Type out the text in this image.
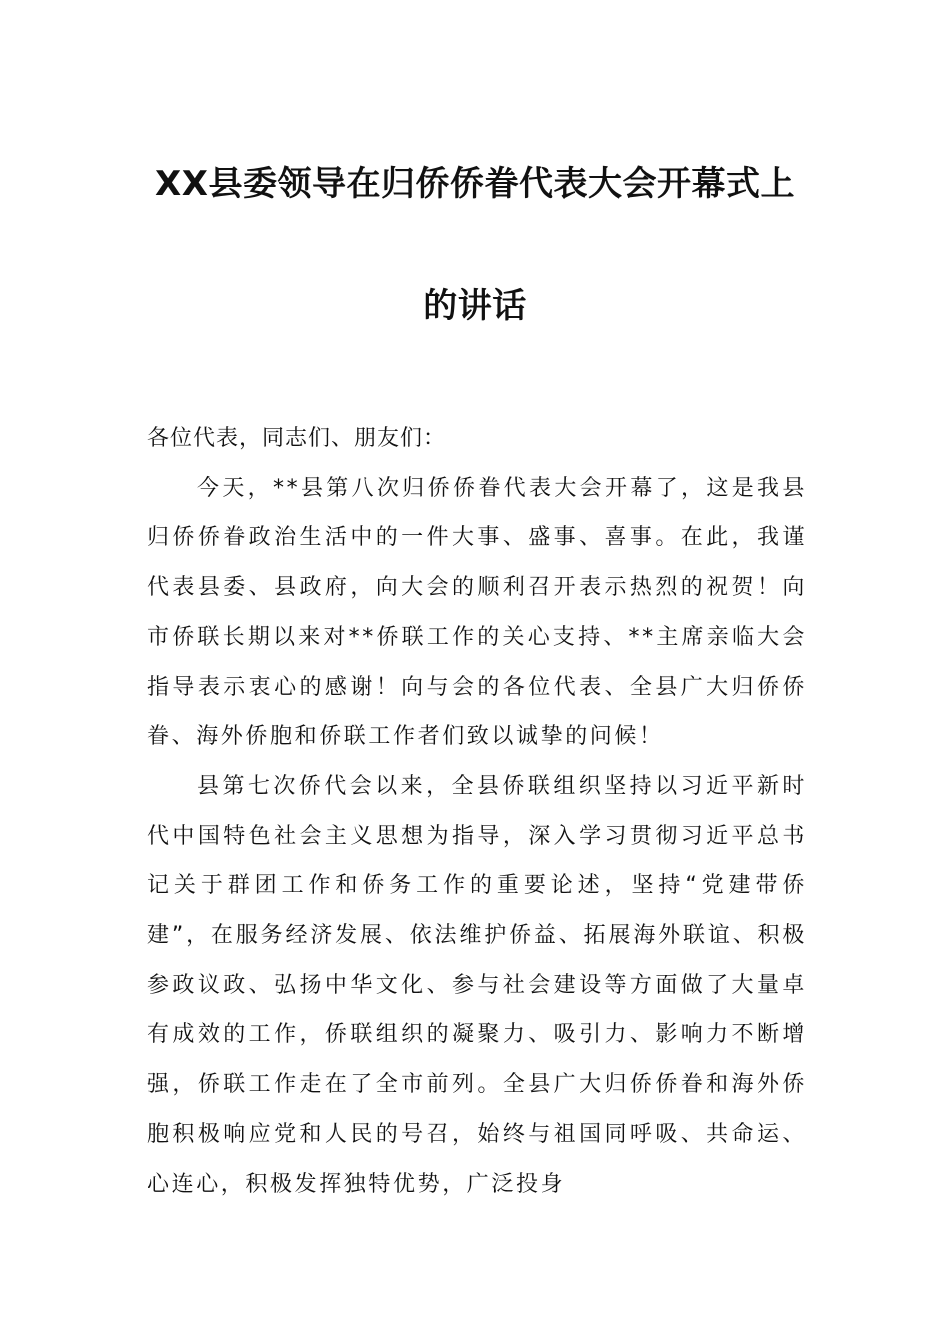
XX县委领导在归侨侨眷代表大会开幕式上
的讲话

各位代表，同志们、朋友们：

今天，**县第八次归侨侨眷代表大会开幕了，这是我县归侨侨眷政治生活中的一件大事、盛事、喜事。在此，我谨代表县委、县政府，向大会的顺利召开表示热烈的祝贺！向市侨联长期以来对**侨联工作的关心支持、**主席亲临大会指导表示衷心的感谢！向与会的各位代表、全县广大归侨侨眷、海外侨胞和侨联工作者们致以诚挚的问候！

县第七次侨代会以来，全县侨联组织坚持以习近平新时代中国特色社会主义思想为指导，深入学习贯彻习近平总书记关于群团工作和侨务工作的重要论述，坚持“党建带侨建”，在服务经济发展、依法维护侨益、拓展海外联谊、积极参政议政、弘扬中华文化、参与社会建设等方面做了大量卓有成效的工作，侨联组织的凝聚力、吸引力、影响力不断增强，侨联工作走在了全市前列。全县广大归侨侨眷和海外侨胞积极响应党和人民的号召，始终与祖国同呼吸、共命运、心连心，积极发挥独特优势，广泛投身
